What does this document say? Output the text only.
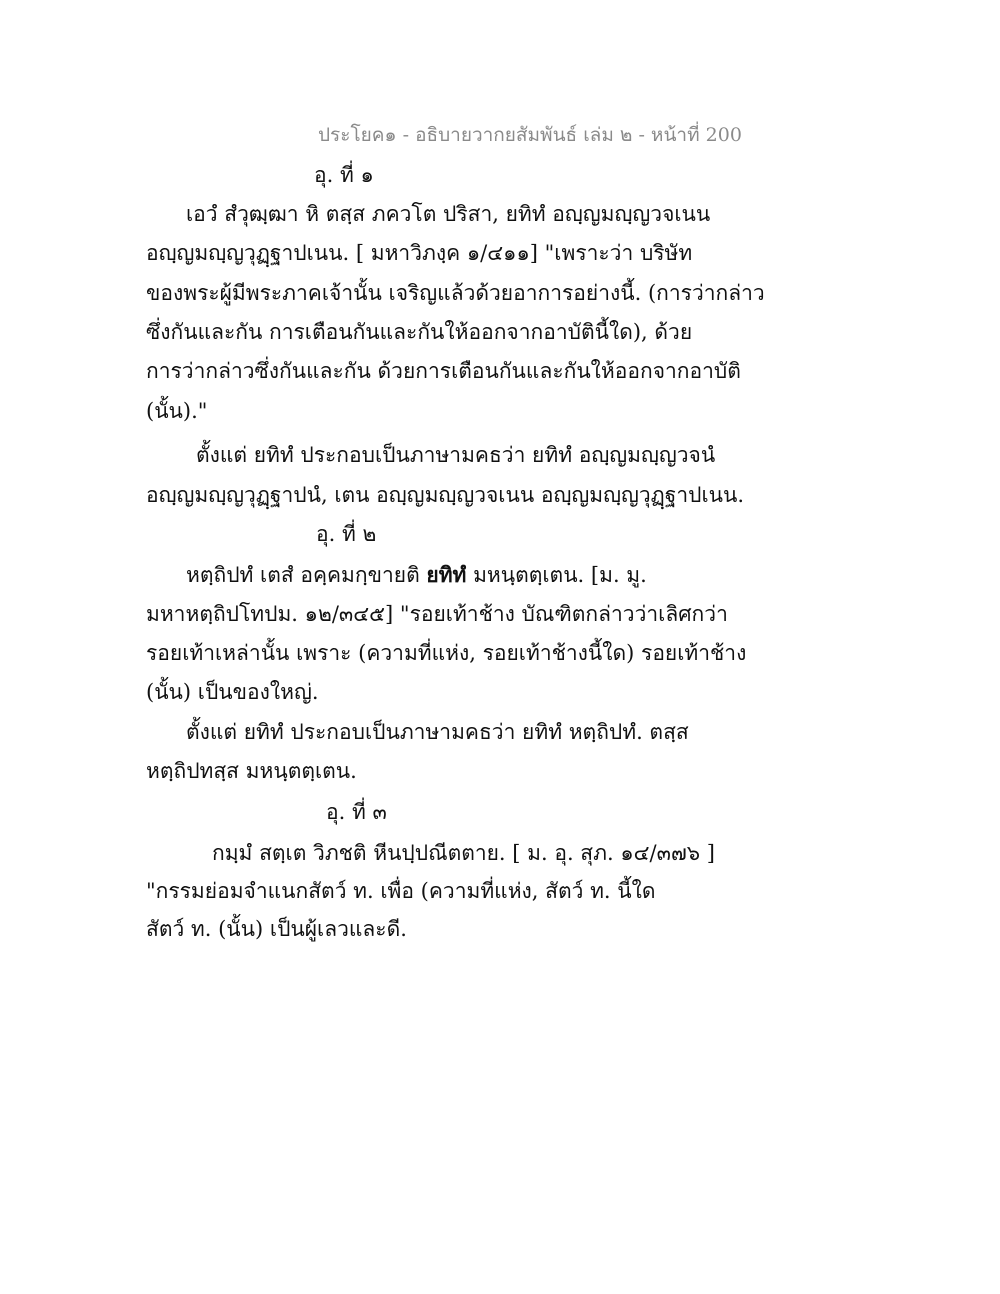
ประโยค๑ - อธิบายวากยสัมพันธ์ เล่ม ๒ - หน้าที่ 200
อุ. ที่ ๑
เอวํ สํวุฒฺฒา หิ ตสฺส ภควโต ปริสา, ยทิทํ อญฺญมญฺญวจเนน
อญฺญมญฺญวุฏฺฐาปเนน. [ มหาวิภงฺค ๑/๔๑๑] "เพราะว่า บริษัท
ของพระผู้มีพระภาคเจ้านั้น เจริญแล้วด้วยอาการอย่างนี้. (การว่ากล่าว
ซึ่งกันและกัน การเตือนกันและกันให้ออกจากอาบัตินี้ใด), ด้วย
การว่ากล่าวซึ่งกันและกัน ด้วยการเตือนกันและกันให้ออกจากอาบัติ
(นั้น)."
ตั้งแต่ ยทิทํ ประกอบเป็นภาษามคธว่า ยทิทํ อญฺญมญฺญวจนํ
อญฺญมญฺญวุฏฺฐาปนํ, เตน อญฺญมญฺญวจเนน อญฺญมญฺญวุฏฺฐาปเนน.
อุ. ที่ ๒
หตฺถิปทํ เตสํ อคฺคมกฺขายติ ยทิทํ มหนฺตตฺเตน. [ม. มู.
มหาหตฺถิปโทปม. ๑๒/๓๔๕] "รอยเท้าช้าง บัณฑิตกล่าวว่าเลิศกว่า
รอยเท้าเหล่านั้น เพราะ (ความที่แห่ง, รอยเท้าช้างนี้ใด) รอยเท้าช้าง
(นั้น) เป็นของใหญ่.
ตั้งแต่ ยทิทํ ประกอบเป็นภาษามคธว่า ยทิทํ หตฺถิปทํ. ตสฺส
หตฺถิปทสฺส มหนฺตตฺเตน.
อุ. ที่ ๓
กมฺมํ สตฺเต วิภชติ หีนปฺปณีตตาย. [ ม. อุ. สุภ. ๑๔/๓๗๖ ]
"กรรมย่อมจำแนกสัตว์ ท. เพื่อ (ความที่แห่ง, สัตว์ ท. นี้ใด
สัตว์ ท. (นั้น) เป็นผู้เลวและดี.
